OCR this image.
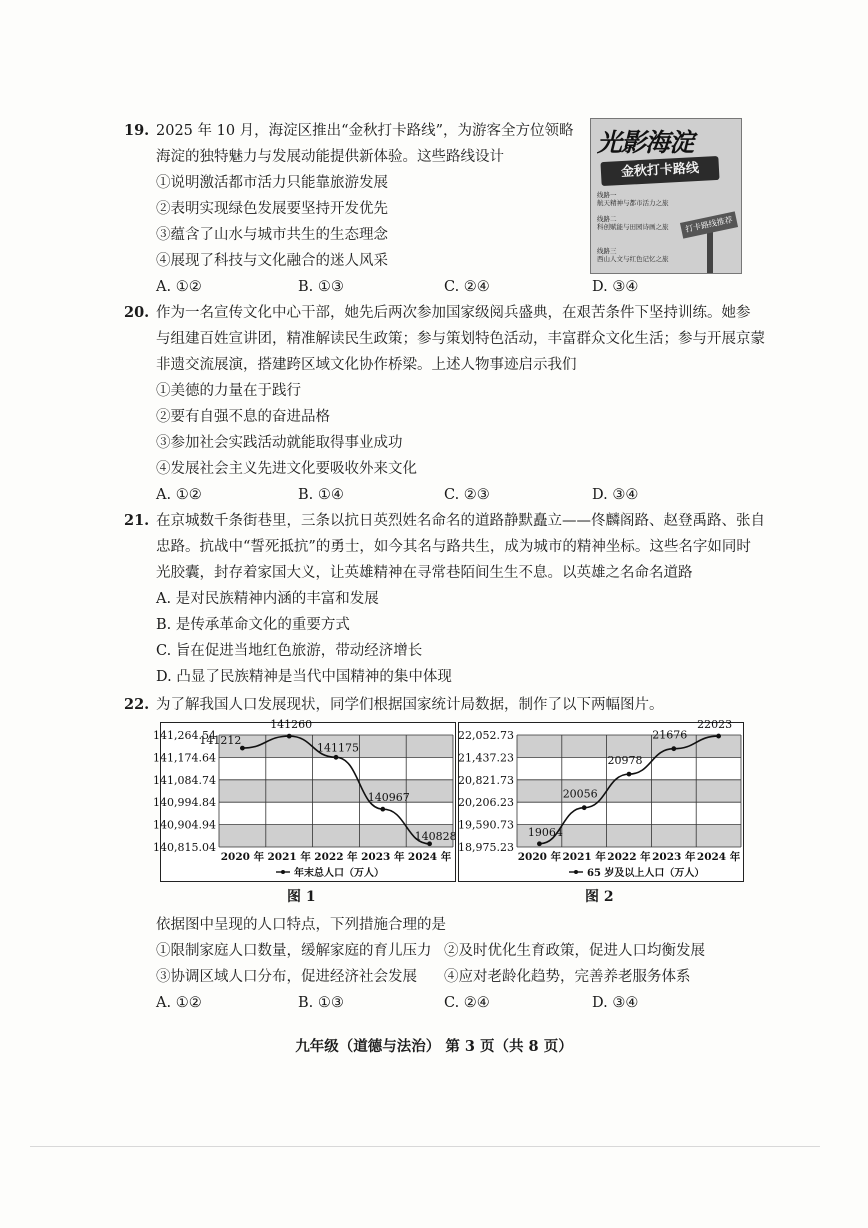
19. 2025 年 10 月，海淀区推出“金秋打卡路线”，为游客全方位领略
海淀的独特魅力与发展动能提供新体验。这些路线设计
①说明激活都市活力只能靠旅游发展
②表明实现绿色发展要坚持开发优先
③蕴含了山水与城市共生的生态理念
④展现了科技与文化融合的迷人风采
A. ①②	B. ①③	C. ②④	D. ③④
光影海淀
金秋打卡路线
线路一
航天精神与都市活力之旅
线路二
科创赋能与田园诗画之旅
线路三
西山人文与红色记忆之旅
打卡路线推荐
20. 作为一名宣传文化中心干部，她先后两次参加国家级阅兵盛典，在艰苦条件下坚持训练。她参
与组建百姓宣讲团，精准解读民生政策；参与策划特色活动，丰富群众文化生活；参与开展京蒙
非遗交流展演，搭建跨区域文化协作桥梁。上述人物事迹启示我们
①美德的力量在于践行
②要有自强不息的奋进品格
③参加社会实践活动就能取得事业成功
④发展社会主义先进文化要吸收外来文化
A. ①②	B. ①④	C. ②③	D. ③④
21. 在京城数千条街巷里，三条以抗日英烈姓名命名的道路静默矗立——佟麟阁路、赵登禹路、张自
忠路。抗战中“誓死抵抗”的勇士，如今其名与路共生，成为城市的精神坐标。这些名字如同时
光胶囊，封存着家国大义，让英雄精神在寻常巷陌间生生不息。以英雄之名命名道路
A. 是对民族精神内涵的丰富和发展
B. 是传承革命文化的重要方式
C. 旨在促进当地红色旅游，带动经济增长
D. 凸显了民族精神是当代中国精神的集中体现
22. 为了解我国人口发展现状，同学们根据国家统计局数据，制作了以下两幅图片。
141,264.54
141,174.64
141,084.74
140,994.84
140,904.94
140,815.04
2020 年 2021 年 2022 年 2023 年 2024 年
141212
141260
141175
140967
140828
年末总人口（万人）
22,052.73
21,437.23
20,821.73
20,206.23
19,590.73
18,975.23
2020 年 2021 年 2022 年 2023 年 2024 年
19064
20056
20978
21676
22023
65 岁及以上人口（万人）
图 1	图 2
依据图中呈现的人口特点，下列措施合理的是
①限制家庭人口数量，缓解家庭的育儿压力 ②及时优化生育政策，促进人口均衡发展
③协调区域人口分布，促进经济社会发展 ④应对老龄化趋势，完善养老服务体系
A. ①②	B. ①③	C. ②④	D. ③④
九年级（道德与法治） 第 3 页（共 8 页）
